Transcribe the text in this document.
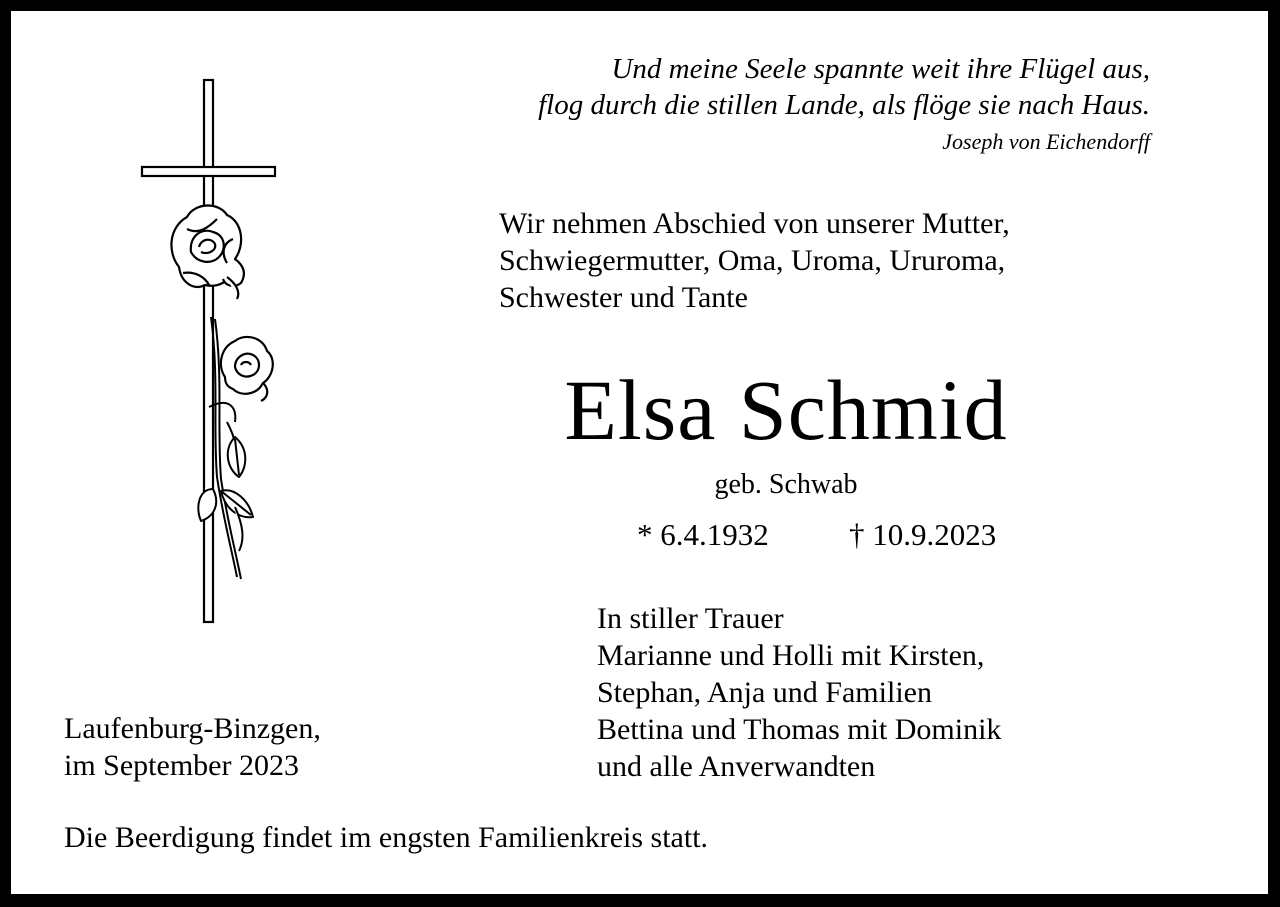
Und meine Seele spannte weit ihre Flügel aus,
flog durch die stillen Lande, als flöge sie nach Haus.
Joseph von Eichendorff
Wir nehmen Abschied von unserer Mutter,
Schwiegermutter, Oma, Uroma, Ururoma,
Schwester und Tante
Elsa Schmid
geb. Schwab
* 6.4.1932	† 10.9.2023
In stiller Trauer
Marianne und Holli mit Kirsten,
Stephan, Anja und Familien
Bettina und Thomas mit Dominik
und alle Anverwandten
Laufenburg-Binzgen,
im September 2023
Die Beerdigung findet im engsten Familienkreis statt.
